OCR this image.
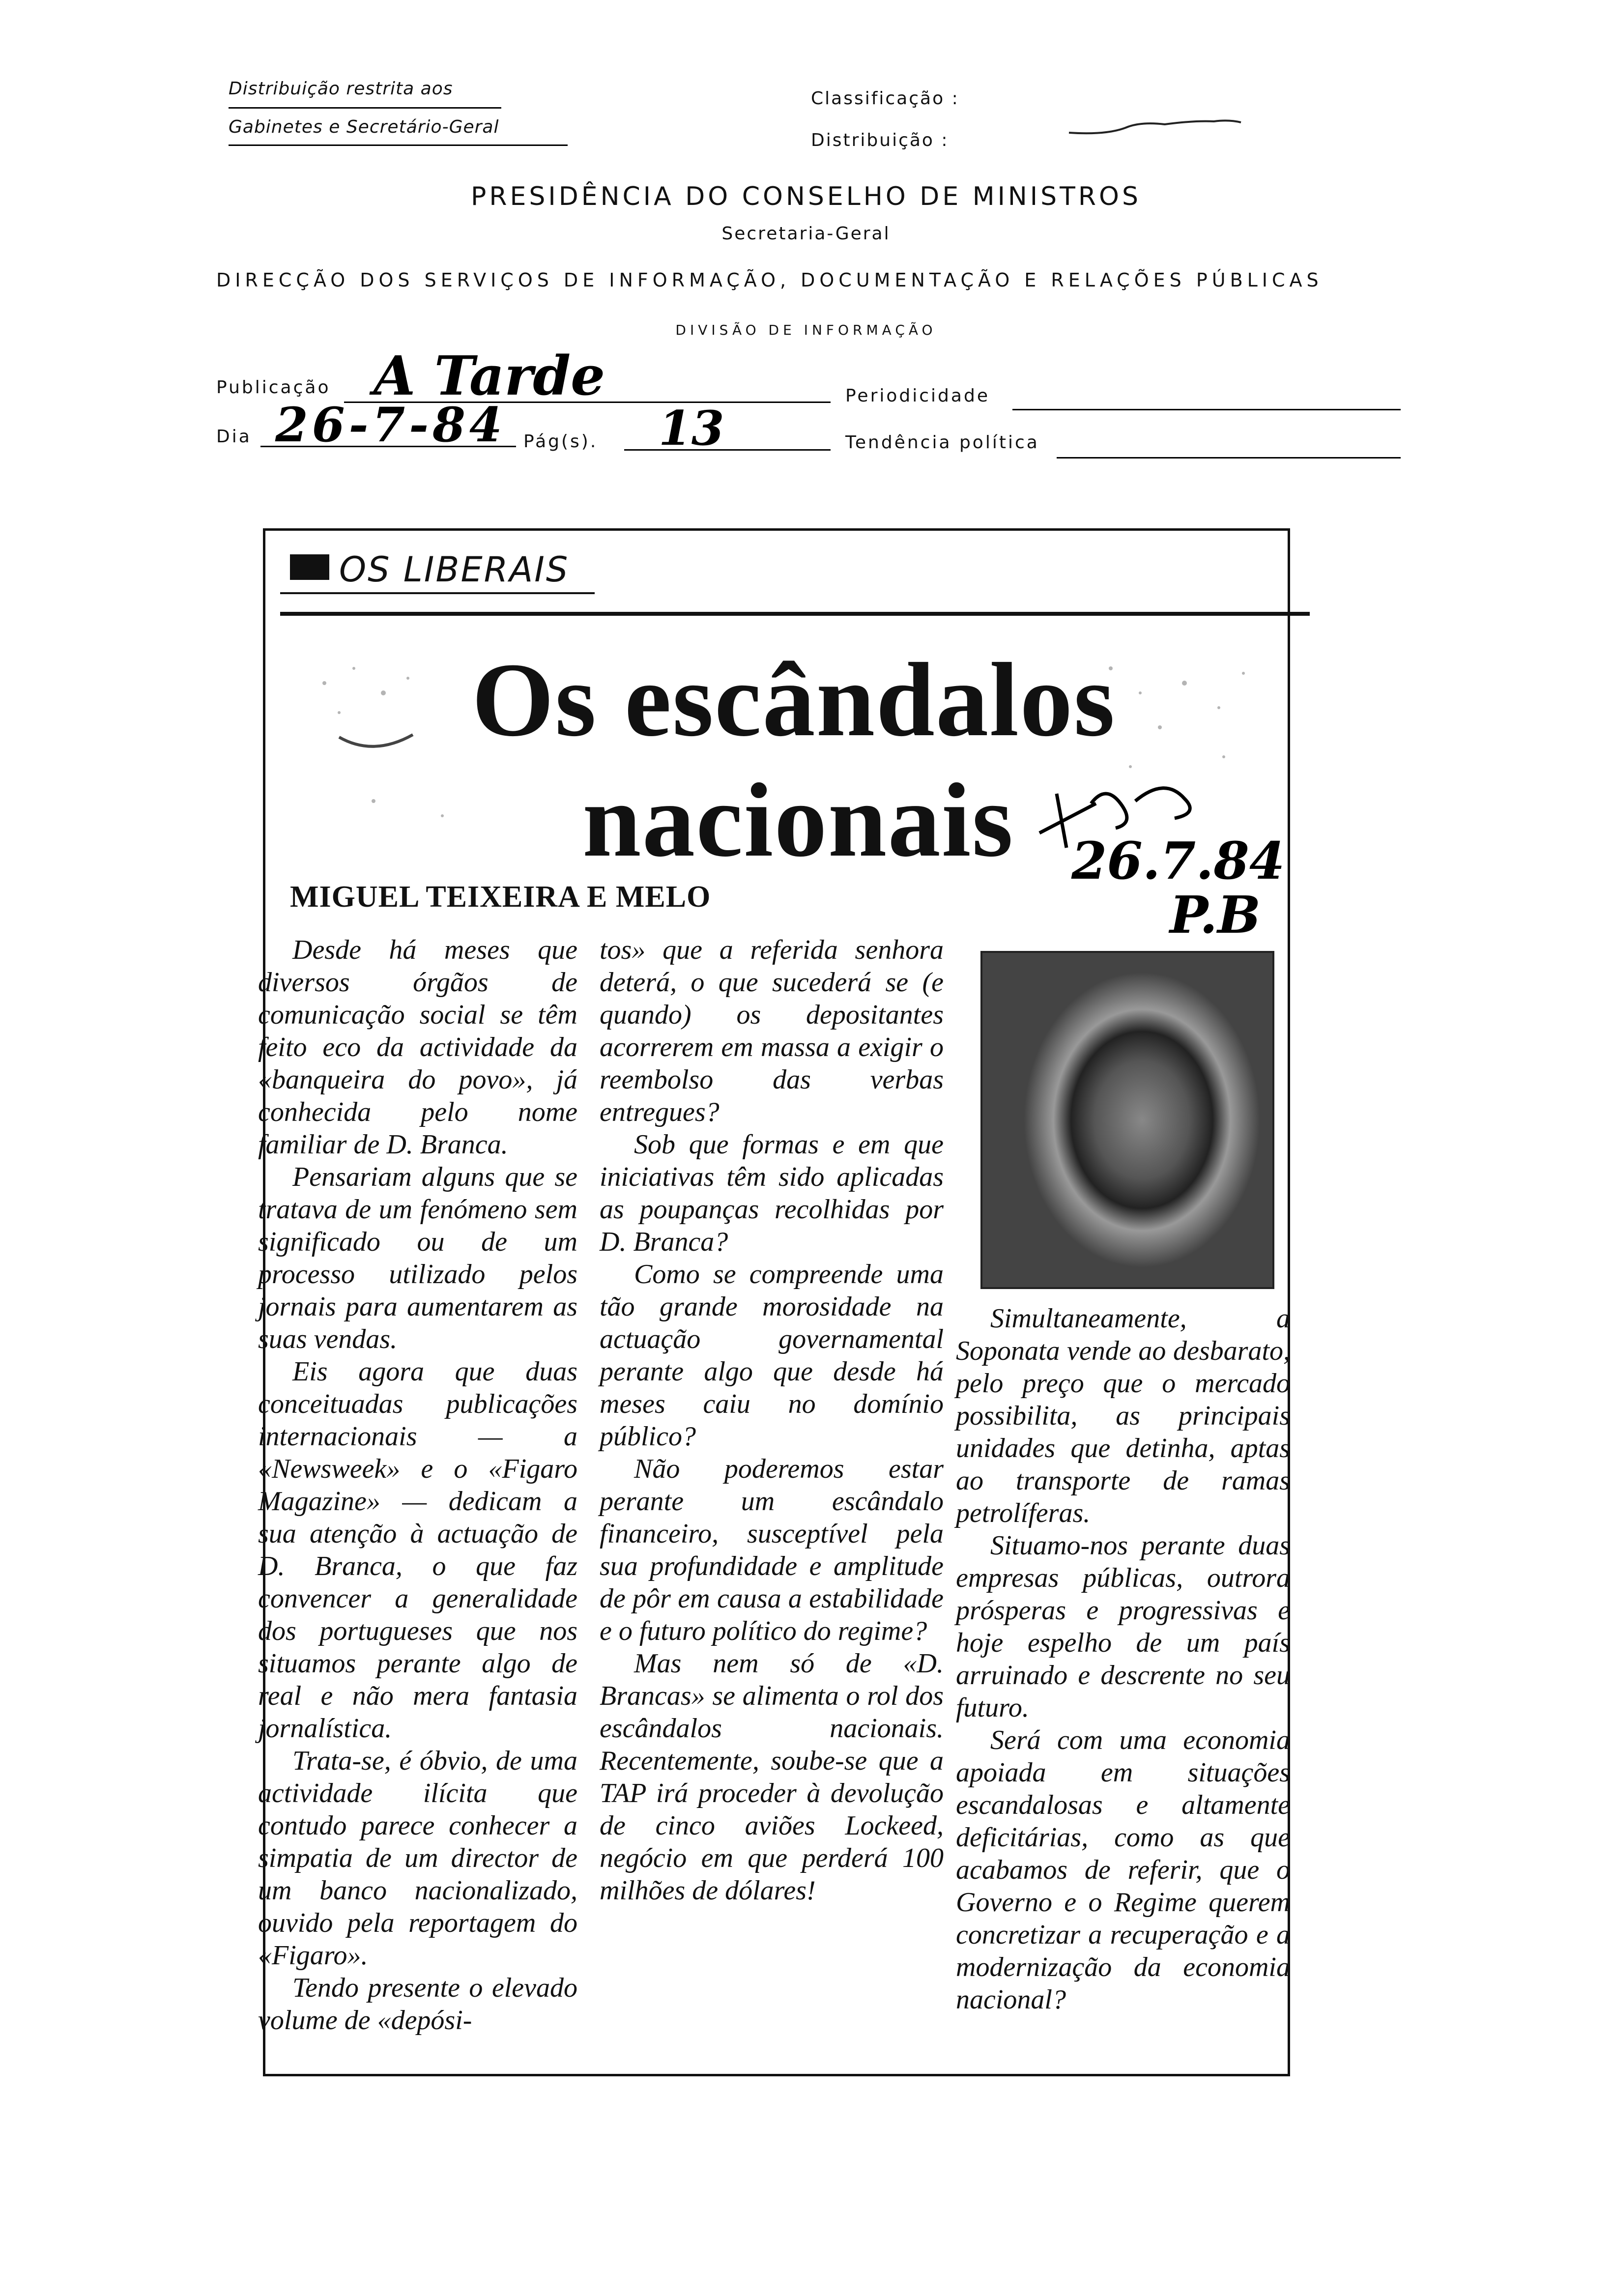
Distribuição restrita aos
Gabinetes e Secretário-Geral
Classificação :
Distribuição :
PRESIDÊNCIA DO CONSELHO DE MINISTROS
Secretaria-Geral
DIRECÇÃO DOS SERVIÇOS DE INFORMAÇÃO, DOCUMENTAÇÃO E RELAÇÕES PÚBLICAS
DIVISÃO DE INFORMAÇÃO
Publicação A Tarde	Periodicidade
Dia 26-7-84 Pág(s). 13	Tendência política
OS LIBERAIS
Os escândalos
nacionais 26.7.84
P.B
MIGUEL TEIXEIRA E MELO

Desde há meses que diversos órgãos de comunicação social se têm feito eco da actividade da «banqueira do povo», já conhecida pelo nome familiar de D. Branca.

Pensariam alguns que se tratava de um fenómeno sem significado ou de um processo utilizado pelos jornais para aumentarem as suas vendas.

Eis agora que duas conceituadas publicações internacionais — a «Newsweek» e o «Figaro Magazine» — dedicam a sua atenção à actuação de D. Branca, o que faz convencer a generalidade dos portugueses que nos situamos perante algo de real e não mera fantasia jornalística.

Trata-se, é óbvio, de uma actividade ilícita que contudo parece conhecer a simpatia de um director de um banco nacionalizado, ouvido pela reportagem do «Figaro».

Tendo presente o elevado volume de «depósi-

tos» que a referida senhora deterá, o que sucederá se (e quando) os depositantes acorrerem em massa a exigir o reembolso das verbas entregues?

Sob que formas e em que iniciativas têm sido aplicadas as poupanças recolhidas por D. Branca?

Como se compreende uma tão grande morosidade na actuação governamental perante algo que desde há meses caiu no domínio público?

Não poderemos estar perante um escândalo financeiro, susceptível pela sua profundidade e amplitude de pôr em causa a estabilidade e o futuro político do regime?

Mas nem só de «D. Brancas» se alimenta o rol dos escândalos nacionais. Recentemente, soube-se que a TAP irá proceder à devolução de cinco aviões Lockeed, negócio em que perderá 100 milhões de dólares!

Simultaneamente, a Soponata vende ao desbarato, pelo preço que o mercado possibilita, as principais unidades que detinha, aptas ao transporte de ramas petrolíferas.

Situamo-nos perante duas empresas públicas, outrora prósperas e progressivas e hoje espelho de um país arruinado e descrente no seu futuro.

Será com uma economia apoiada em situações escandalosas e altamente deficitárias, como as que acabamos de referir, que o Governo e o Regime querem concretizar a recuperação e a modernização da economia nacional?
